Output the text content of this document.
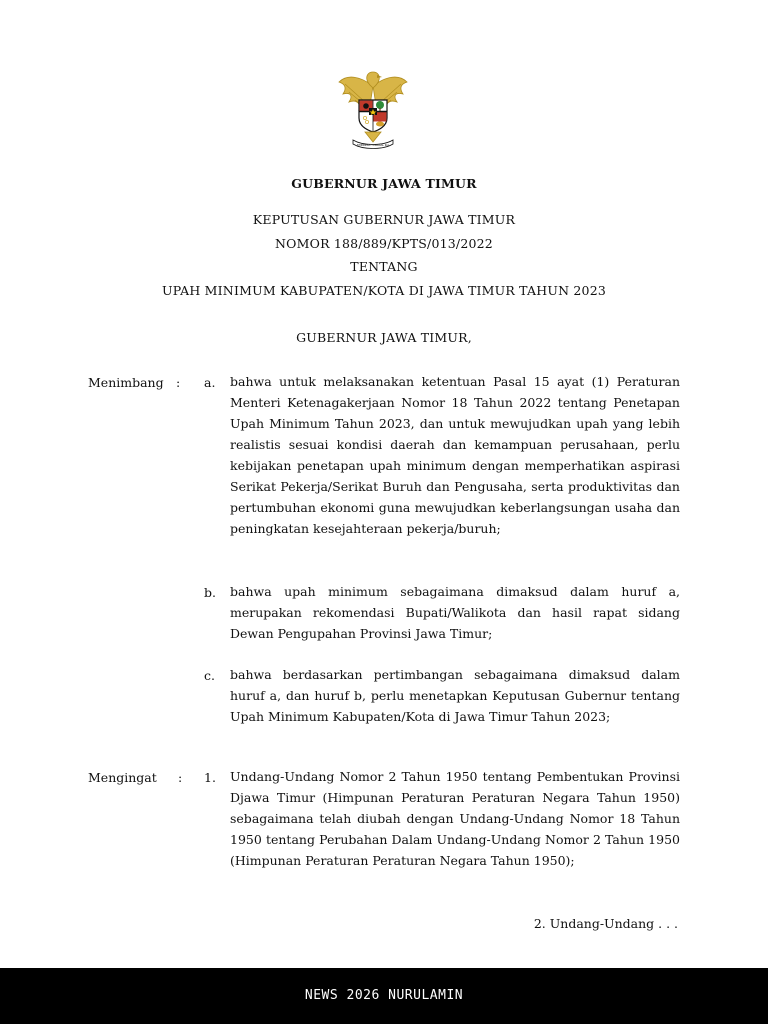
BHINNEKA TUNGGAL IKA
GUBERNUR JAWA TIMUR
KEPUTUSAN GUBERNUR JAWA TIMUR
NOMOR 188/889/KPTS/013/2022
TENTANG
UPAH MINIMUM KABUPATEN/KOTA DI JAWA TIMUR TAHUN 2023
GUBERNUR JAWA TIMUR,
Menimbang : a. bahwa untuk melaksanakan ketentuan Pasal 15 ayat (1) Peraturan Menteri Ketenagakerjaan Nomor 18 Tahun 2022 tentang Penetapan Upah Minimum Tahun 2023, dan untuk mewujudkan upah yang lebih realistis sesuai kondisi daerah dan kemampuan perusahaan, perlu kebijakan penetapan upah minimum dengan memperhatikan aspirasi Serikat Pekerja/Serikat Buruh dan Pengusaha, serta produktivitas dan pertumbuhan ekonomi guna mewujudkan keberlangsungan usaha dan peningkatan kesejahteraan pekerja/buruh;
b. bahwa upah minimum sebagaimana dimaksud dalam huruf a, merupakan rekomendasi Bupati/Walikota dan hasil rapat sidang Dewan Pengupahan Provinsi Jawa Timur;
c. bahwa berdasarkan pertimbangan sebagaimana dimaksud dalam huruf a, dan huruf b, perlu menetapkan Keputusan Gubernur tentang Upah Minimum Kabupaten/Kota di Jawa Timur Tahun 2023;
Mengingat : 1. Undang-Undang Nomor 2 Tahun 1950 tentang Pembentukan Provinsi Djawa Timur (Himpunan Peraturan Peraturan Negara Tahun 1950) sebagaimana telah diubah dengan Undang-Undang Nomor 18 Tahun 1950 tentang Perubahan Dalam Undang-Undang Nomor 2 Tahun 1950 (Himpunan Peraturan Peraturan Negara Tahun 1950);
2. Undang-Undang . . .
NEWS 2026 NURULAMIN
